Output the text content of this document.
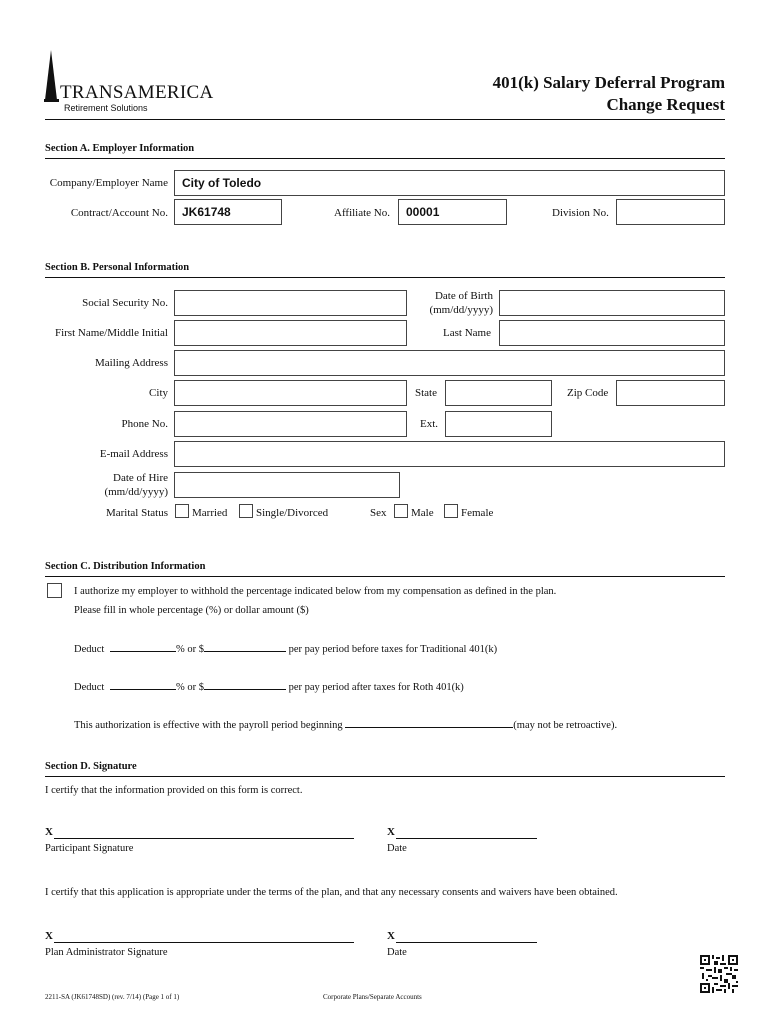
TRANSAMERICA
Retirement Solutions
401(k) Salary Deferral Program
Change Request
Section A. Employer Information
Company/Employer Name	City of Toledo
Contract/Account No.	JK61748	Affiliate No.	00001	Division No.
Section B. Personal Information
Social Security No.
Date of Birth
(mm/dd/yyyy)
First Name/Middle Initial	Last Name
Mailing Address
City	State	Zip Code
Phone No.	Ext.
E-mail Address
Date of Hire
(mm/dd/yyyy)
Marital Status Married	Single/Divorced	Sex Male Female
Section C. Distribution Information
I authorize my employer to withhold the percentage indicated below from my compensation as defined in the plan.
Please fill in whole percentage (%) or dollar amount ($)
Deduct	% or $	per pay period before taxes for Traditional 401(k)
Deduct	% or $	per pay period after taxes for Roth 401(k)
This authorization is effective with the payroll period beginning	(may not be retroactive).
Section D. Signature
I certify that the information provided on this form is correct.
X
Participant Signature
X
Date
I certify that this application is appropriate under the terms of the plan, and that any necessary consents and waivers have been obtained.
X
Plan Administrator Signature
X
Date
2211-SA (JK61748SD) (rev. 7/14) (Page 1 of 1)	Corporate Plans/Separate Accounts
